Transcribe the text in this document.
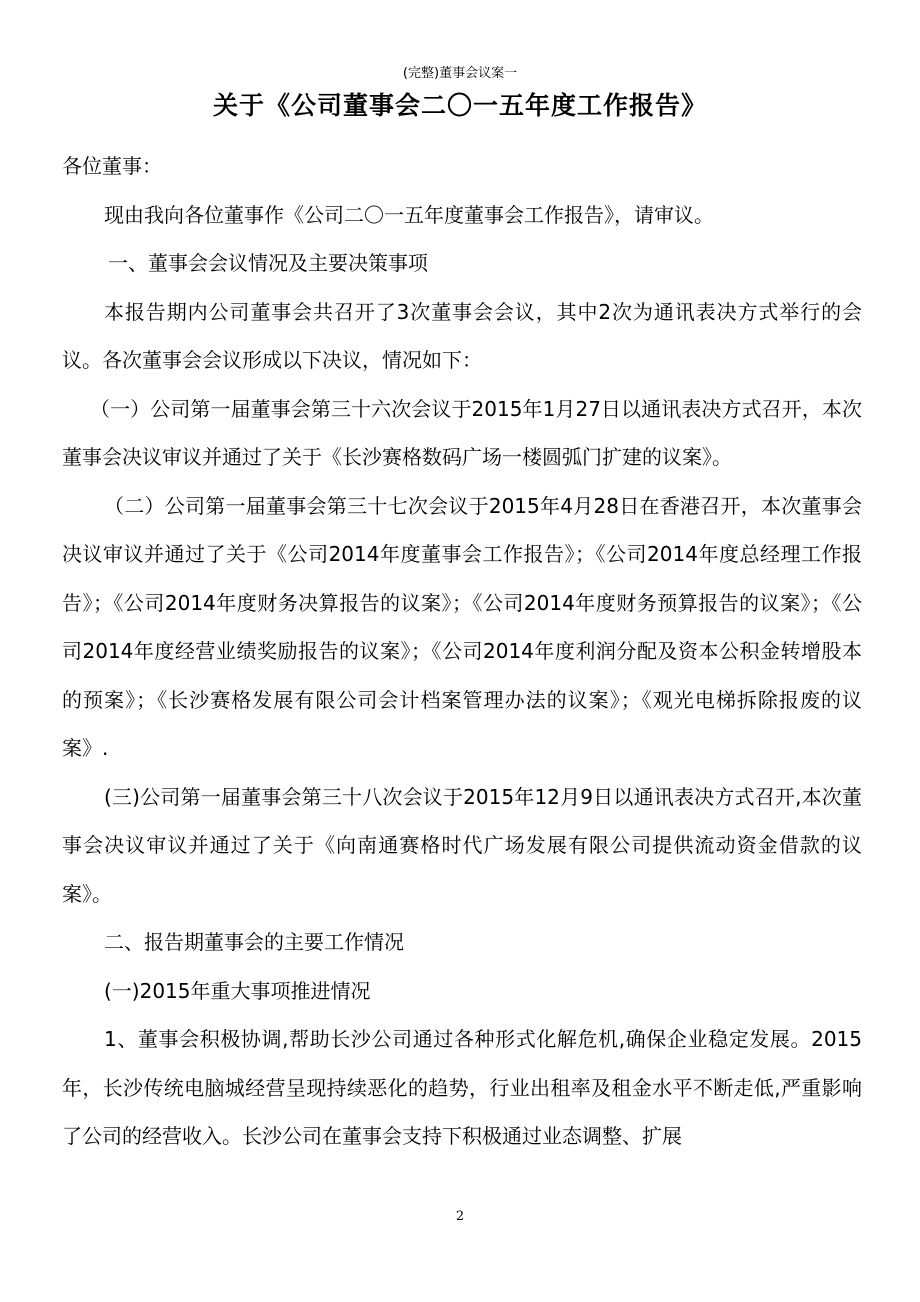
(完整)董事会议案一
关于《公司董事会二〇一五年度工作报告》

各位董事：

现由我向各位董事作《公司二〇一五年度董事会工作报告》，请审议。

一、董事会会议情况及主要决策事项

本报告期内公司董事会共召开了3次董事会会议，其中2次为通讯表决方式举行的会议。各次董事会会议形成以下决议，情况如下：

（一）公司第一届董事会第三十六次会议于2015年1月27日以通讯表决方式召开，本次董事会决议审议并通过了关于《长沙赛格数码广场一楼圆弧门扩建的议案》。

（二）公司第一届董事会第三十七次会议于2015年4月28日在香港召开，本次董事会决议审议并通过了关于《公司2014年度董事会工作报告》；《公司2014年度总经理工作报告》；《公司2014年度财务决算报告的议案》；《公司2014年度财务预算报告的议案》；《公司2014年度经营业绩奖励报告的议案》；《公司2014年度利润分配及资本公积金转增股本的预案》；《长沙赛格发展有限公司会计档案管理办法的议案》；《观光电梯拆除报废的议案》.

(三)公司第一届董事会第三十八次会议于2015年12月9日以通讯表决方式召开,本次董事会决议审议并通过了关于《向南通赛格时代广场发展有限公司提供流动资金借款的议案》。

二、报告期董事会的主要工作情况

(一)2015年重大事项推进情况

1、董事会积极协调,帮助长沙公司通过各种形式化解危机,确保企业稳定发展。2015年，长沙传统电脑城经营呈现持续恶化的趋势，行业出租率及租金水平不断走低,严重影响了公司的经营收入。长沙公司在董事会支持下积极通过业态调整、扩展

2
